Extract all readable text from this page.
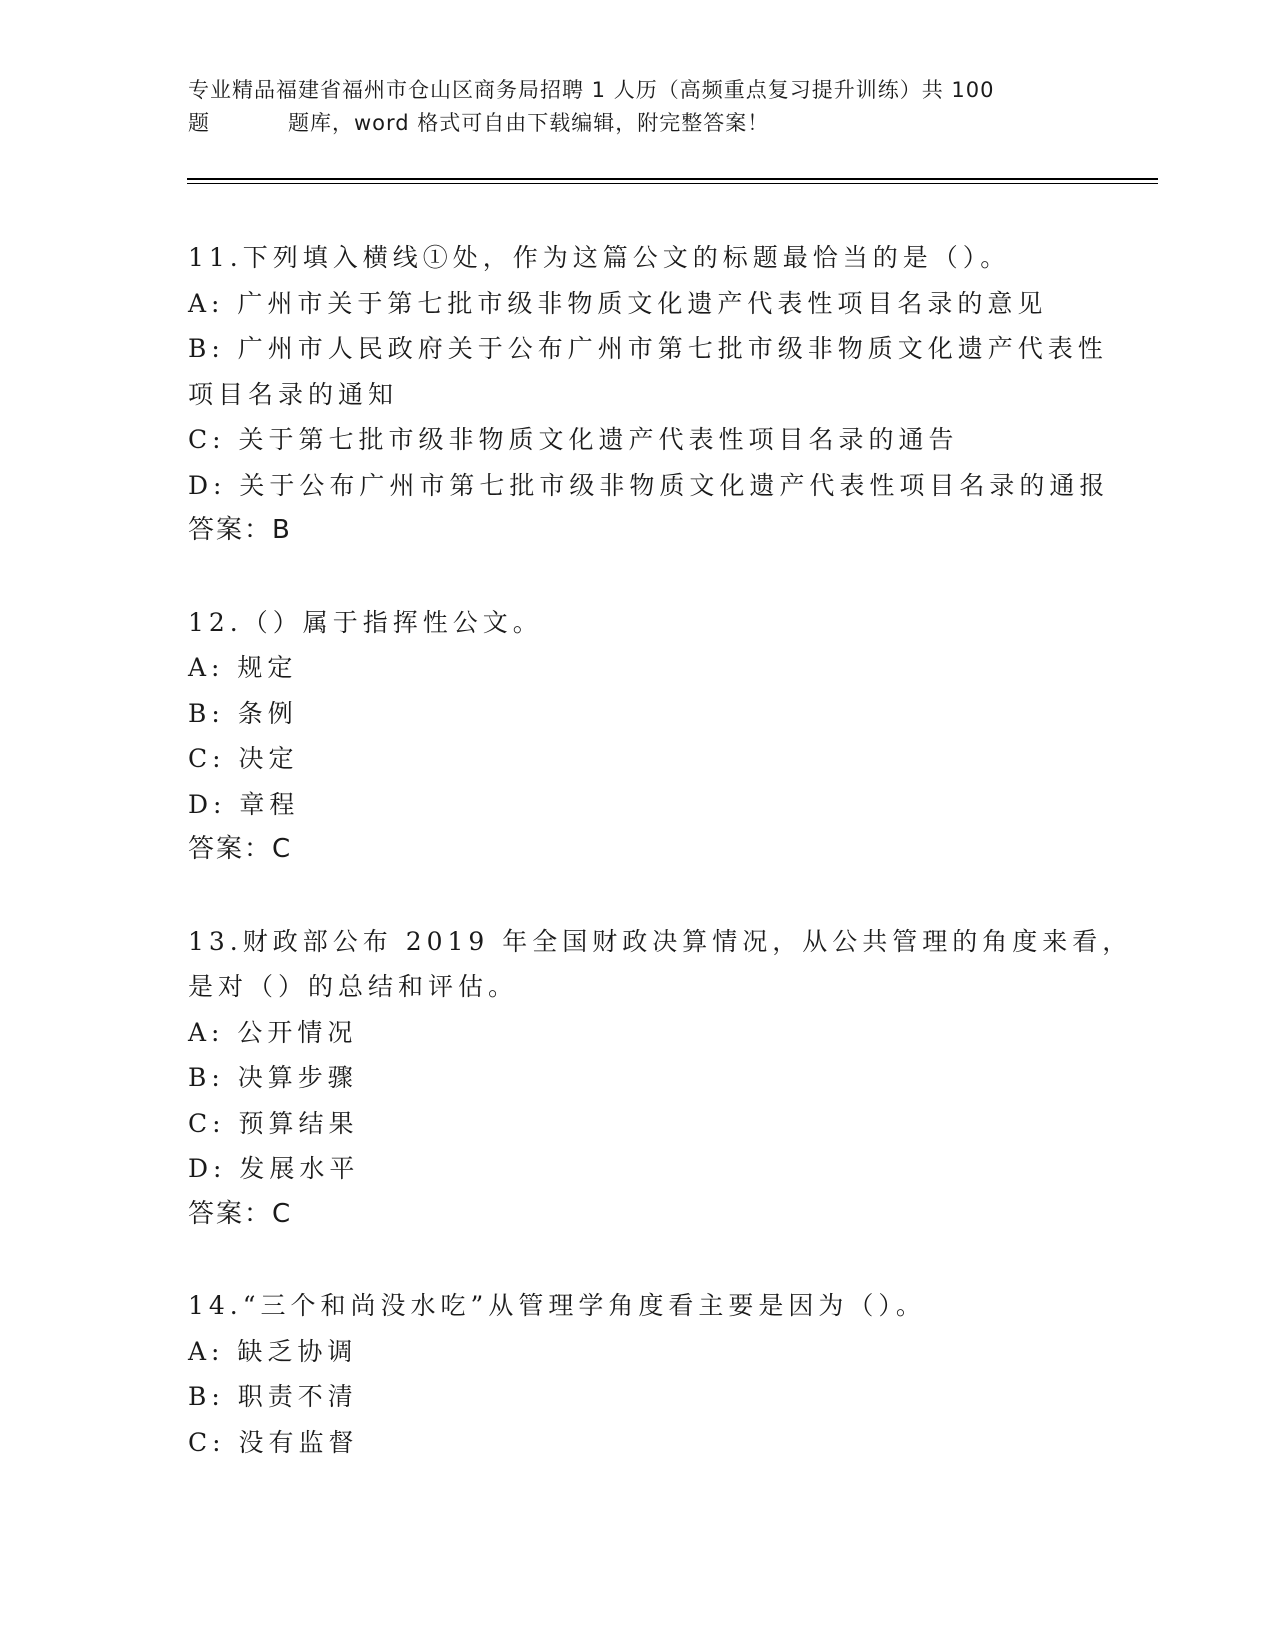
专业精品福建省福州市仓山区商务局招聘 1 人历（高频重点复习提升训练）共 100
题	题库，word 格式可自由下载编辑，附完整答案！
11.下列填入横线①处，作为这篇公文的标题最恰当的是（）。
A: 广州市关于第七批市级非物质文化遗产代表性项目名录的意见
B: 广州市人民政府关于公布广州市第七批市级非物质文化遗产代表性
项目名录的通知
C: 关于第七批市级非物质文化遗产代表性项目名录的通告
D: 关于公布广州市第七批市级非物质文化遗产代表性项目名录的通报
答案：B
12.（）属于指挥性公文。
A: 规定
B: 条例
C: 决定
D: 章程
答案：C
13.财政部公布 2019 年全国财政决算情况，从公共管理的角度来看，
是对（）的总结和评估。
A: 公开情况
B: 决算步骤
C: 预算结果
D: 发展水平
答案：C
14.“三个和尚没水吃”从管理学角度看主要是因为（）。
A: 缺乏协调
B: 职责不清
C: 没有监督
